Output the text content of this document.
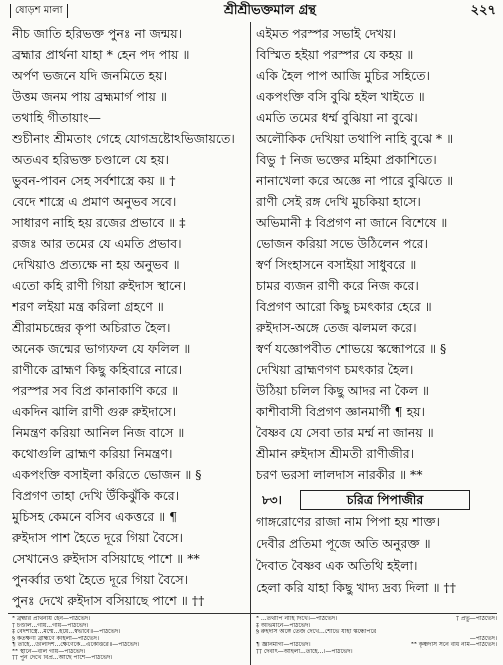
ষোড়শ মালা	শ্রীশ্রীভক্তমাল গ্রন্থ	২২৭
নীচ জাতি হরিভক্ত পুনঃ না জন্ময়।
ব্রহ্মার প্রার্থনা যাহা * হেন পদ পায় ॥
অর্পণ ভজনে যদি জনমিতে হয়।
উত্তম জনম পায় ব্রহ্মমার্গ পায় ॥
তথাহি গীতায়াং—
শুচীনাং শ্রীমতাং গেহে যোগভ্রষ্টোঽভিজায়তে।
অতএব হরিভক্ত চণ্ডালে যে হয়।
ভুবন-পাবন সেহ সর্বশাস্ত্রে কয় ॥ †
বেদে শাস্ত্রে এ প্রমাণ অনুভব সবে।
সাধারণ নাহি হয় রজের প্রভাবে ॥ ‡
রজঃ আর তমের যে এমতি প্রভাব।
দেখিয়াও প্রত্যক্ষে না হয় অনুভব ॥
এতো কহি রাণী গিয়া রুইদাস স্থানে।
শরণ লইয়া মন্ত্র করিলা গ্রহণে ॥
শ্রীরামচন্দ্রের কৃপা অচিরাত হৈল।
অনেক জন্মের ভাগ্যফল যে ফলিল ॥
রাণীকে ব্রাহ্মণ কিছু কহিবারে নারে।
পরস্পর সব বিপ্র কানাকাণি করে ॥
একদিন ঝালি রাণী গুরু রুইদাসে।
নিমন্ত্রণ করিয়া আনিল নিজ বাসে ॥
কথোগুলি ব্রাহ্মণ করিয়া নিমন্ত্রণ।
একপংক্তি বসাইলা করিতে ভোজন ॥ §
বিপ্রগণ তাহা দেখি উঁকিঝুঁকি করে।
মুচিসহ কেমনে বসিব একত্তরে ॥ ¶
রুইদাস পাশ হৈতে দূরে গিয়া বৈসে।
সেখানেও রুইদাস বসিয়াছে পাশে ॥ **
পুনর্ব্বার তথা হৈতে দূরে গিয়া বৈসে।
পুনঃ দেখে রুইদাস বসিয়াছে পাশে ॥ ††
এইমত পরস্পর সভাই দেখয়।
বিস্মিত হইয়া পরস্পর যে কহয় ॥
একি হৈল পাপ আজি মুচির সহিতে।
একপংক্তি বসি বুঝি হইল খাইতে ॥
এমতি তমের ধর্ম্ম বুঝিয়া না বুঝে।
অলৌকিক দেখিয়া তথাপি নাহি বুঝে * ॥
বিভু † নিজ ভক্তের মহিমা প্রকাশিতে।
নানাখেলা করে অজ্ঞে না পারে বুঝিতে ॥
রাণী সেই রঙ্গ দেখি মুচকিয়া হাসে।
অভিমানী ‡ বিপ্রগণ না জানে বিশেষে ॥
ভোজন করিয়া সভে উঠিলেন পরে।
স্বর্ণ সিংহাসনে বসাইয়া সাধুবরে ॥
চামর ব্যজন রাণী করে নিজ করে।
বিপ্রগণ আরো কিছু চমৎকার হেরে ॥
রুইদাস-অঙ্গে তেজ ঝলমল করে।
স্বর্ণ যজ্ঞোপবীত শোভয়ে স্কন্ধোপরে ॥ §
দেখিয়া ব্রাহ্মণগণ চমৎকার হৈল।
উঠিয়া চলিল কিছু আদর না কৈল ॥
কাশীবাসী বিপ্রগণ জ্ঞানমার্গী ¶ হয়।
বৈষ্ণব যে সেবা তার মর্ম্ম না জানয় ॥
শ্রীমান রুইদাস শ্রীমতী রাণীজীর।
চরণ ভরসা লালদাস নারকীর ॥ **
৮৩।	চরিত্র পিপাজীর
গাঙ্গরোণের রাজা নাম পিপা হয় শাক্ত।
দেবীর প্রতিমা পূজে অতি অনুরক্ত ॥
দৈবাত বৈষ্ণব এক অতিথি হইলা।
হেলা করি যাহা কিছু খাদ্য দ্রব্য দিলা ॥ ††
* ব্রহ্মার প্রার্থনীয় হেন—পাঠভেদ।
† চণ্ডাল...গায়...গায়—পাঠভেদ।
‡ বেদশাস্ত্রে...মর্ম্মে...হয়ে...স্বভাবে॥—পাঠভেদ।
§ কতক্ষণী ব্রাহ্মণে কহিলা—পাঠভেদ।
¶ তাহে...উলিদিশ...ক্ষেণেকে...একোত্তরে॥—পাঠভেদ।
** স্থানে—বলি গায়—পাঠভেদ।
†† পুন দেখে বিপ্র...আছে পাশে—পাঠভেদ।
* ...তথাপি নাহি দিখে।—পাঠভেদ।	† প্রভু—পাঠভেদ।
‡ অভিমানে—পাঠভেদ।
§ রুইদাস অঙ্গে তেজ দেখে...শোভে যাহা স্কন্ধোপরে
—পাঠভেদ।
¶ জ্ঞানমার্গী—পাঠভেদ।	** কৃষ্ণদাস সনে বাঁধ নাম—পাঠভেদ।
†† দৈবাৎ—আইলা...তাহে...।—পাঠভেদ।
